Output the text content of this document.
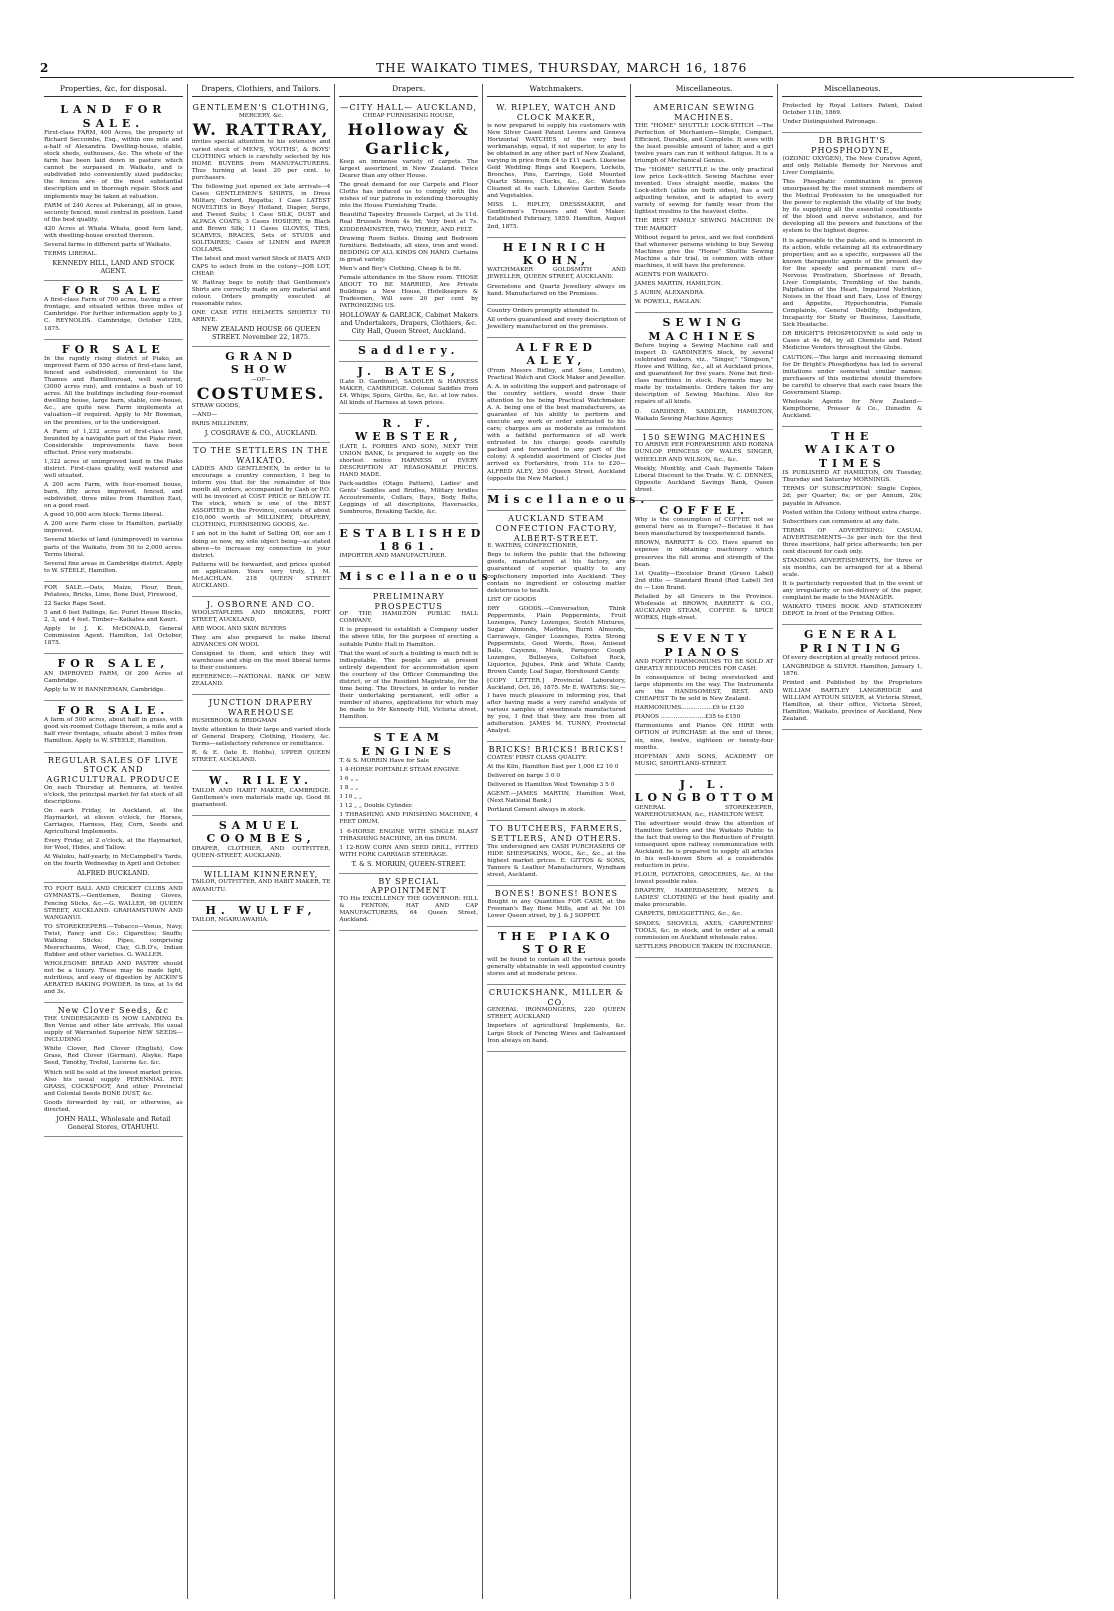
2	THE WAIKATO TIMES, THURSDAY, MARCH 16, 1876
Properties, &c, for disposal.
LAND FOR SALE.

First-class FARM, 400 Acres, the property of Richard Seccombe, Esq., within one mile and a-half of Alexandra. Dwelling-house, stable, stock sheds, outhouses, &c. The whole of the farm has been laid down in pasture which cannot be surpassed in Waikato, and is subdivided into conveniently sized paddocks; the fences are of the most substantial description and in thorough repair. Stock and implements may be taken at valuation.

FARM of 240 Acres at Pukerangi, all in grass, securely fenced, most central in position. Land of the best quality.

420 Acres at Whata Whata, good fern land, with dwelling-house erected thereon.

Several farms in different parts of Waikato.

TERMS LIBERAL.

KENNEDY HILL, LAND AND STOCK AGENT.
FOR SALE

A first-class Farm of 700 acres, having a river frontage, and situated within three miles of Cambridge. For further information apply to J. C. REYNOLDS. Cambridge, October 12th, 1875.

FOR SALE

In the rapidly rising district of Piako, an improved Farm of 550 acres of first-class land, fenced and subdivided, convenient to the Thames and Hamiltonroad, well watered, (3000 acres run), and contains a bush of 10 acres. All the buildings including four-roomed dwelling house, large barn, stable, cow-house, &c., are quite new. Farm implements at valuation—if required. Apply to Mr Bowman, on the premises, or to the undersigned.

A Farm of 1,232 acres of first-class land, bounded by a navigable part of the Piako river. Considerable improvements have been effected. Price very moderate.

1,322 acres of unimproved land in the Piako district. First-class quality, well watered and well situated.

A 200 acre Farm, with four-roomed house, barn, fifty acres improved, fenced, and subdivided, three miles from Hamilton East, on a good road.

A good 10,000 acre block: Terms liberal.

A 200 acre Farm close to Hamilton, partially improved.

Several blocks of land (unimproved) in various parts of the Waikato, from 50 to 2,000 acres. Terms liberal.

Several fine areas in Cambridge district. Apply to W. STEELE, Hamilton.

FOR SALE.—Oats, Maize, Flour, Bran, Potatoes, Bricks, Lime, Bone Dust, Firewood,

22 Sacks Rape Seed.

5 and 6 feet Pailings, &c. Puriri House Blocks, 2, 3, and 4 feet. Timber—Kaikatea and Kauri.

Apply to J. K. McDONALD, General Commission Agent. Hamilton, 1st October, 1875.

FOR SALE,

AN IMPROVED FARM, Of 200 Acres at Cambridge.

Apply to W H BANNERMAN, Cambridge.

FOR SALE.

A farm of 500 acres, about half in grass, with good six-roomed Cottage thereon, a mile and a half river frontage, situate about 3 miles from Hamilton. Apply to W. STEELE, Hamilton.

REGULAR SALES OF LIVE STOCK AND AGRICULTURAL PRODUCE

On each Thursday at Remuera, at twelve o'clock, the principal market for fat stock of all descriptions.

On each Friday, in Auckland, at the Haymarket, at eleven o'clock, for Horses, Carriages, Harness, Hay, Corn, Seeds and Agricultural Implements.

Every Friday, at 2 o'clock, at the Haymarket, for Wool, Hides, and Tallow.

At Waiuku, half-yearly, in McCampbell's Yards, on the fourth Wednesday in April and October.

ALFRED BUCKLAND.

TO FOOT BALL AND CRICKET CLUBS AND GYMNASTS.—Gentlemen, Boxing Gloves, Fencing Sticks, &c.—G. WALLER, 98 QUEEN STREET, AUCKLAND. GRAHAMSTOWN AND WANGANUI.

TO STOREKEEPERS.—Tobacco—Venus, Navy, Twist, Fancy and Co.; Cigarettes; Snuffs; Walking Sticks; Pipes, comprising Meerschaums, Wood, Clay, G.B.D's, Indian Rubber and other varieties. G. WALLER.

WHOLESOME BREAD AND PASTRY should not be a luxury. These may be made light, nutritious, and easy of digestion by AICKIN'S AERATED BAKING POWDER. In tins, at 1s 6d and 3s.

New Clover Seeds, &c

THE UNDERSIGNED IS NOW LANDING Ex Ben Venue and other late arrivals, His usual supply of Warranted Superior NEW SEEDS—INCLUDING

White Clover, Red Clover (English), Cow Grass, Red Clover (German), Alsyke, Rape Seed, Timothy, Trefoil, Lucerne &c. &c.

Which will be sold at the lowest market prices. Also his usual supply PERENNIAL RYE GRASS, COCKSFOOT, And other Provincial and Colonial Seeds BONE DUST, &c.

Goods forwarded by rail, or otherwise, as directed.

JOHN HALL, Wholesale and Retail General Stores, OTAHUHU.
Drapers, Clothiers, and Tailors.
GENTLEMEN'S CLOTHING,
MERCERY, &c.
W. RATTRAY,

invites special attention to his extensive and varied stock of MEN'S, YOUTHS', & BOYS' CLOTHING which is carefully selected by his HOME BUYERS from MANUFACTURERS. Thus turning at least 20 per cent. to purchasers.

The following just opened ex late arrivals—4 Cases GENTLEMEN'S SHIRTS, in Dress Military, Oxford, Regatta; 1 Case LATEST NOVELTIES in Boys' Holland, Diaper, Serge, and Tweed Suits; 1 Case SILK, DUST and ALPACA COATS; 3 Cases HOSIERY, in Black and Brown Silk; 11 Cases GLOVES, TIES, SCARVES, BRACES, Sets of STUDS and SOLITAIRES; Cases of LINEN and PAPER COLLARS.

The latest and most varied Stock of HATS AND CAPS to select from in the colony—JOB LOT, CHEAP.

W. Rattray begs to notify that Gentlemen's Shirts are correctly made on any material and colour. Orders promptly executed at reasonable rates.

ONE CASE PITH HELMETS SHORTLY TO ARRIVE.

NEW ZEALAND HOUSE 66 QUEEN STREET. November 22, 1875.
GRAND SHOW
—OF—
COSTUMES.

STRAW GOODS,

—AND—

PARIS MILLINERY,

J. COSGRAVE & CO., AUCKLAND.
TO THE SETTLERS IN THE WAIKATO.

LADIES AND GENTLEMEN, In order to to encourage a country connection, I beg to inform you that for the remainder of this month all orders, accompanied by Cash or P.O. will be invoiced at COST PRICE or BELOW IT. The stock, which is one of the BEST ASSORTED in the Province, consists of about £10,000 worth of MILLINERY, DRAPERY, CLOTHING, FURNISHING GOODS, &c.

I am not in the habit of Selling Off, nor am I doing so now, my sole object being—as stated above—to increase my connection in your district.

Patterns will be forwarded, and prices quoted on application. Yours very truly, J. M. McLACHLAN. 218 QUEEN STREET AUCKLAND.

J. OSBORNE AND CO.

WOOLSTAPLERS AND BROKERS, FORT STREET, AUCKLAND,

ARE WOOL AND SKIN BUYERS

They are also prepared to make liberal ADVANCES ON WOOL

Consigned to them, and which they will warehouse and ship on the most liberal terms to their customers.

REFERENCE:—NATIONAL BANK OF NEW ZEALAND.

JUNCTION DRAPERY WAREHOUSE

RUSHBROOK & BRIDGMAN

Invite attention to their large and varied stock of General Drapery, Clothing, Hosiery, &c. Terms—satisfactory reference or remittance.

R. & E. (late E. Hobbs), UPPER QUEEN STREET, AUCKLAND.

W. RILEY.

TAILOR AND HABIT MAKER, CAMBRIDGE. Gentlemen's own materials made up. Good fit guaranteed.

SAMUEL COOMBES,

DRAPER, CLOTHIER, AND OUTFITTER, QUEEN-STREET, AUCKLAND.

WILLIAM KINNERNEY,

TAILOR, OUTFITTER, AND HABIT MAKER, TE AWAMUTU.

H. WULFF,

TAILOR, NGARUAWAHIA.

Drapers.
—CITY HALL— AUCKLAND,
CHEAP FURNISHING HOUSE,
Holloway & Garlick,

Keep an immense variety of carpets. The largest assortment in New Zealand. Twice Dearer than any other House.

The great demand for our Carpets and Floor Cloths has induced us to comply with the wishes of our patrons in extending thoroughly into the House Furnishing Trade.

Beautiful Tapestry Brussels Carpet, at 3s 11d. Real Brussels from 4s 9d; Very best at 7s. KIDDERMINSTER, TWO, THREE, AND FELT.

Drawing Room Suites. Dining and Bedroom furniture. Bedsteads, all sizes, iron and wood. BEDDING OF ALL KINDS ON HAND. Curtains in great variety.

Men's and Boy's Clothing, Cheap & to fit.

Female attendance in the Show room. THOSE ABOUT TO BE MARRIED, Are Private Buildings a New House, Hotelkeepers & Tradesmen, Will save 20 per cent by PATRONIZING US.

HOLLOWAY & GARLICK, Cabinet Makers and Undertakers, Drapers, Clothiers, &c. City Hall, Queen Street, Auckland.
Saddlery.
J. BATES,

(Late D. Gardiner), SADDLER & HARNESS MAKER, CAMBRIDGE. Colonial Saddles from £4. Whips, Spurs, Girths, &c, &c. at low rates. All kinds of Harness at town prices.

R. F. WEBSTER,

(LATE L. FORBES AND SON), NEXT THE UNION BANK, Is prepared to supply on the shortest notice HARNESS of EVERY DESCRIPTION AT REASONABLE PRICES. HAND MADE.

Pack-saddles (Otago Pattern), Ladies' and Gents' Saddles and Bridles, Military bridles Accoutrements, Collars, Bays, Body Belts, Leggings of all descriptions, Haversacks, Sumbreros, Breaking Tackle, &c.

ESTABLISHED 1861.

IMPORTER AND MANUFACTURER.

Miscellaneous.
PRELIMINARY PROSPECTUS

OF THE HAMILTON PUBLIC HALL COMPANY.

It is proposed to establish a Company under the above title, for the purpose of erecting a suitable Public Hall in Hamilton.

That the want of such a building is much felt is indisputable. The people are at present entirely dependent for accommodation upon the courtesy of the Officer Commanding the district, or of the Resident Magistrate, for the time being. The Directors, in order to render their undertaking permanent, will offer a number of shares, applications for which may be made to Mr Kennedy Hill, Victoria street, Hamilton.

STEAM ENGINES

T. & S. MORRIN Have for Sale

1 4-HORSE PORTABLE STEAM ENGINE

1 6 „ „

1 8 „ „

1 10 „ „

1 12 „ „ Double Cylinder.

1 THRASHING AND FINISHING MACHINE, 4 FEET DRUM.

1 6-HORSE ENGINE WITH SINGLE BLAST THRASHING MACHINE, 3ft 6in DRUM.

1 12-ROW CORN AND SEED DRILL, FITTED WITH FORK CARRIAGE STEERAGE.

T. & S. MORRIN, QUEEN-STREET.
BY SPECIAL APPOINTMENT

TO His EXCELLENCY THE GOVERNOR: HILL & FENTON, HAT AND CAP MANUFACTURERS, 64 Queen Street, Auckland.

Watchmakers.
W. RIPLEY, WATCH AND CLOCK MAKER,

is now prepared to supply his customers with New Silver Cased Patent Levers and Geneva Horizontal WATCHES of the very best workmanship, equal, if not superior, to any to be obtained in any other part of New Zealand, varying in price from £4 to £11 each. Likewise Gold Wedding Rings and Keepers, Lockets, Brooches, Pins, Earrings, Gold Mounted Quartz Stones, Clocks, &c., &c. Watches Cleaned at 4s each. Likewise Garden Seeds and Vegetables.

MISS L. RIPLEY, DRESSMAKER, and Gentlemen's Trousers and Vest Maker. Established February, 1859. Hamilton, August 2nd, 1875.

HEINRICH KOHN,

WATCHMAKER GOLDSMITH AND JEWELLER, QUEEN STREET, AUCKLAND.

Greenstone and Quartz Jewellery always on hand. Manufactured on the Premises.

Country Orders promptly attended to.

All orders guaranteed and every description of Jewellery manufactured on the premises.

ALFRED ALEY,

(From Messrs Ridley, and Sons, London), Practical Watch and Clock Maker and Jeweller.

A. A. in soliciting the support and patronage of the country settlers, would draw their attention to his being Practical Watchmaker. A. A. being one of the best manufacturers, as guarantee of his ability to perform and execute any work or order entrusted to his care; charges are as moderate as consistent with a faithful performance of all work entrusted to his charge; goods carefully packed and forwarded to any part of the colony. A splendid assortment of Clocks just arrived ex Forfarshire, from 11s to £20—ALFRED ALEY, 250 Queen Street, Auckland (opposite the New Market.)

Miscellaneous.
AUCKLAND STEAM CONFECTION FACTORY, ALBERT-STREET.

E. WATERS, CONFECTIONER,

Begs to inform the public that the following goods, manufactured at his factory, are guaranteed of superior quality to any confectionery imported into Auckland. They contain no ingredient or colouring matter deleterious to health.

LIST OF GOODS

DRY GOODS.—Conversation, Think Peppermints, Plain Peppermints, Fruit Lozenges, Fancy Lozenges, Scotch Mixtures, Sugar Almonds, Marbles, Burnt Almonds, Carraways, Ginger Lozenges, Extra Strong Peppermints, Good Words, Rose, Aniseed Balls, Cayenne, Musk, Paregoric Cough Lozenges, Bullseyes, Coltsfoot Rock, Liquorice, Jujubes, Pink and White Candy, Brown Candy, Loaf Sugar, Horehound Candy.

[COPY LETTER.] Provincial Laboratory, Auckland, Oct. 26, 1875. Mr E. WATERS: Sir,—I have much pleasure in informing you, that after having made a very careful analysis of various samples of sweetmeats manufactured by you, I find that they are free from all adulteration. JAMES M. TUNNY, Provincial Analyst.

BRICKS! BRICKS! BRICKS!

COATES' FIRST CLASS QUALITY.

At the Kiln, Hamilton East per 1,000 £2 10 0

Delivered on barge 3 0 0

Delivered in Hamilton West Township 3 5 0

AGENT:—JAMES MARTIN, Hamilton West, (Next National Bank.)

Portland Cement always in stock.

TO BUTCHERS, FARMERS, SETTLERS, AND OTHERS.

The undersigned are CASH PURCHASERS OF HIDE SHEEPSKINS, WOOL, &c., &c., at the highest market prices. E. GITTOS & SONS, Tanners & Leather Manufacturers, Wyndham street, Auckland.

BONES! BONES! BONES

Bought in any Quantities FOR CASH, at the Freeman's Bay Bone Mills, and at No 101 Lower Queen street, by J. & J SOPPET.

THE PIAKO STORE

will be found to contain all the various goods generally obtainable in well appointed country stores and at moderate prices.

CRUICKSHANK, MILLER & CO.

GENERAL IRONMONGERS, 220 QUEEN STREET, AUCKLAND

Importers of agricultural Implements, &c. Large Stock of Fencing Wires and Galvanised Iron always on hand.

Miscellaneous.
AMERICAN SEWING MACHINES.

THE "HOME" SHUTTLE LOCK-STITCH —The Perfection of Mechanism—Simple, Compact, Efficient, Durable, and Complete. It sews with the least possible amount of labor, and a girl twelve years can run it without fatigue. It is a triumph of Mechanical Genius.

The "HOME" SHUTTLE is the only practical low price Lock-stitch Sewing Machine ever invented. Uses straight needle, makes the Lock-stitch (alike on both sides), has a self adjusting tension, and is adapted to every variety of sewing for family wear from the lightest muslins to the heaviest cloths.

THE BEST FAMILY SEWING MACHINE IN THE MARKET

Without regard to price, and we feel confident that whenever persons wishing to buy Sewing Machines give the "Home" Shuttle Sewing Machine a fair trial, in common with other machines, it will have the preference.

AGENTS FOR WAIKATO:

JAMES MARTIN, HAMILTON.

J. AUBIN, ALEXANDRA.

W. POWELL, RAGLAN.

SEWING MACHINES

Before buying a Sewing Machine call and inspect D. GARDINER'S block, by several celebrated makers, viz., "Singer," "Simpson," Howe and Willing, &c., all at Auckland prices, and guaranteed for five years. None but first-class machines in stock. Payments may be made by instalments. Orders taken for any description of Sewing Machine. Also for repairs of all kinds.

D. GARDINER, SADDLER, HAMILTON, Waikato Sewing Machine Agency.

150 SEWING MACHINES

TO ARRIVE PER FORFARSHIRE AND ROBINA DUNLOP PRINCESS OF WALES SINGER, WHEELER AND WILSON, &c., &c.

Weekly, Monthly, and Cash Payments Taken Liberal Discount to the Trade. W. C. DENNES, Opposite Auckland Savings Bank, Queen street.

COFFEE.

Why is the consumption of COFFEE not so general here as in Europe?—Because it has been manufactured by inexperienced hands.

BROWN, BARRETT & CO. Have spared no expense in obtaining machinery which preserves the full aroma and strength of the bean.

1st Quality—Excelsior Brand (Green Label) 2nd ditto — Standard Brand (Red Label) 3rd do — Lion Brand.

Retailed by all Grocers in the Province. Wholesale at BROWN, BARRETT & CO., AUCKLAND STEAM, COFFEE & SPICE WORKS, High-street.

SEVENTY PIANOS

AND FORTY HARMONIUMS TO BE SOLD AT GREATLY REDUCED PRICES FOR CASH.

In consequence of being overstocked and large shipments on the way. The Instruments are the HANDSOMEST, BEST, AND CHEAPEST To be sold in New Zealand.

HARMONIUMS.................£9 to £120

PIANOS ........................£35 to £150

Harmoniums and Pianos ON HIRE with OPTION of PURCHASE at the end of three, six, nine, twelve, eighteen or twenty-four months.

HOFFMAN AND SONS, ACADEMY OF MUSIC, SHORTLAND-STREET.

J. L. LONGBOTTOM

GENERAL STOREKEEPER, WAREHOUSEMAN, &c., HAMILTON WEST.

The advertiser would draw the attention of Hamilton Settlers and the Waikato Public to the fact that owing to the Reduction of Freight consequent upon railway communication with Auckland, he is prepared to supply all articles in his well-known Store at a considerable reduction in price.

FLOUR, POTATOES, GROCERIES, &c. At the lowest possible rates.

DRAPERY, HABERDASHERY, MEN'S & LADIES' CLOTHING of the best quality and make procurable.

CARPETS, DRUGGETTING, &c., &c.

SPADES, SHOVELS, AXES, CARPENTERS' TOOLS, &c. in stock, and to order at a small commission on Auckland wholesale rates.

SETTLERS PRODUCE TAKEN IN EXCHANGE.

Miscellaneous.

Protected by Royal Letters Patent, Dated October 11th, 1869.

Under Distinguished Patronage.

DR BRIGHT'S PHOSPHODYNE,

(OZONIC OXYGEN), The New Curative Agent, and only Reliable Remedy for Nervous and Liver Complaints.

This Phosphatic combination is proven unsurpassed by the most eminent members of the Medical Profession to be unequalled for the power to replenish the vitality of the body, by its supplying all the essential constituents of the blood and nerve substance, and for developing all the powers and functions of the system to the highest degree.

It is agreeable to the palate, and is innocent in its action, while retaining all its extraordinary properties; and as a specific, surpasses all the known therapeutic agents of the present day for the speedy and permanent cure of—Nervous Prostration, Shortness of Breath, Liver Complaints, Trembling of the hands, Palpitation of the Heart, Impaired Nutrition, Noises in the Head and Ears, Loss of Energy and Appetite, Hypochondria, Female Complaints, General Debility, Indigestion, Incapacity for Study or Business, Lassitude, Sick Headache.

DR BRIGHT'S PHOSPHODYNE is sold only in Cases at 4s 6d, by all Chemists and Patent Medicine Vendors throughout the Globe.

CAUTION.—The large and increasing demand for Dr Bright's Phosphodyne has led to several imitations under somewhat similar names; purchasers of this medicine should therefore be careful to observe that each case bears the Government Stamp.

Wholesale Agents for New Zealand—Kempthorne, Prosser & Co., Dunedin & Auckland.

THE WAIKATO TIMES

IS PUBLISHED AT HAMILTON, ON Tuesday, Thursday and Saturday MORNINGS.

TERMS OF SUBSCRIPTION: Single Copies, 2d; per Quarter, 6s; or per Annum, 20s; payable in Advance.

Posted within the Colony without extra charge.

Subscribers can commence at any date.

TERMS OF ADVERTISING: CASUAL ADVERTISEMENTS—3s per inch for the first three insertions, half price afterwards; ten per cent discount for cash only.

STANDING ADVERTISEMENTS, for three or six months, can be arranged for at a liberal scale.

It is particularly requested that in the event of any irregularity or non-delivery of the paper, complaint be made to the MANAGER.

WAIKATO TIMES BOOK AND STATIONERY DEPOT. In front of the Printing Office.

GENERAL PRINTING

Of every description at greatly reduced prices.

LANGBRIDGE & SILVER. Hamilton, January 1, 1876.

Printed and Published by the Proprietors WILLIAM BARTLEY LANGBRIDGE and WILLIAM AYTOUN SILVER, at Victoria Street, Hamilton, at their office, Victoria Street, Hamilton, Waikato, province of Auckland, New Zealand.
